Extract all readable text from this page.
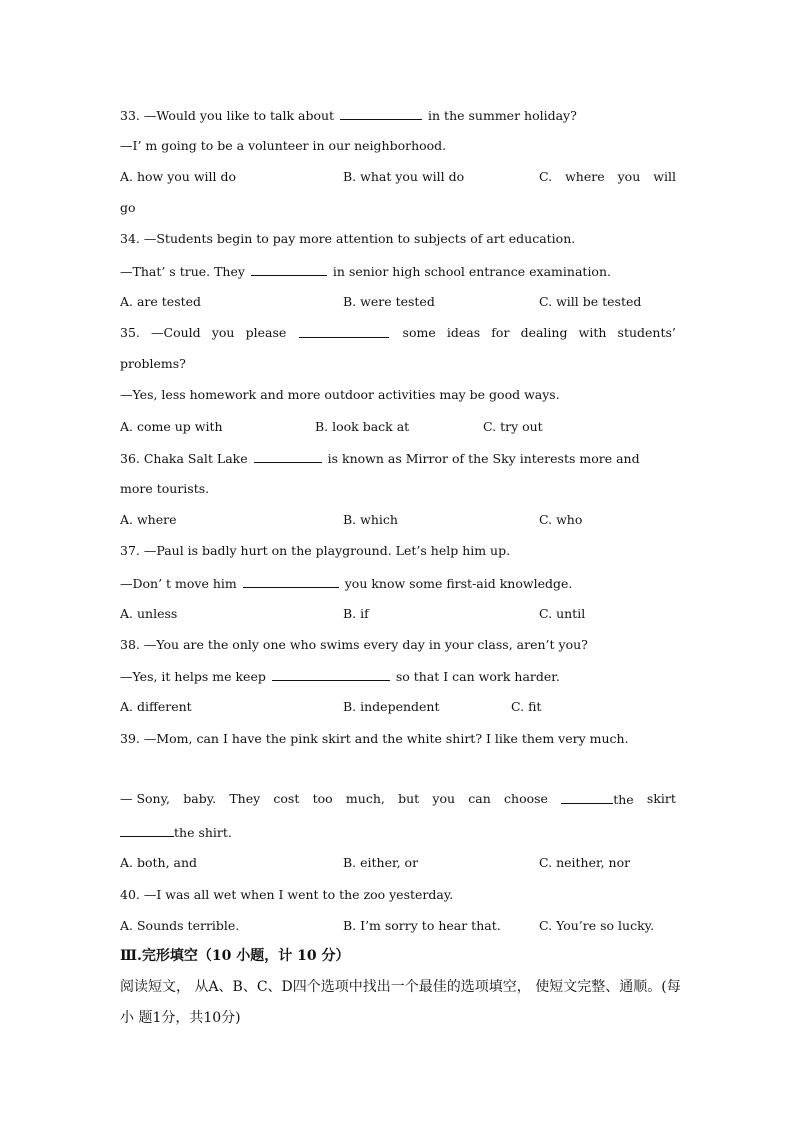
33. —Would you like to talk about	in the summer holiday?
—I’ m going to be a volunteer in our neighborhood.

A. how you will do

	B. what you will do

	C. where you will

go
34. —Students begin to pay more attention to subjects of art education.
—That’ s true. They	in senior high school entrance examination.

A. are tested

	B. were tested

	C. will be tested

35. —Could you please	some ideas for dealing with students’
problems?
—Yes, less homework and more outdoor activities may be good ways.

A. come up with

	B. look back at

	C. try out

36. Chaka Salt Lake	is known as Mirror of the Sky interests more and
more tourists.

A. where

	B. which

	C. who

37. —Paul is badly hurt on the playground. Let’s help him up.
—Don’ t move him	you know some first-aid knowledge.

A. unless

	B. if

	C. until

38. —You are the only one who swims every day in your class, aren’t you?
—Yes, it helps me keep	so that I can work harder.

A. different

	B. independent

	C. fit

39. —Mom, can I have the pink skirt and the white shirt? I like them very much.
— Sony, baby. They cost too much, but you can choose	the skirt
the shirt.

A. both, and

	B. either, or

	C. neither, nor

40. —I was all wet when I went to the zoo yesterday.

A. Sounds terrible.

	B. I’m sorry to hear that.

	C. You’re so lucky.

Ⅲ.完形填空（10 小题，计 10 分）
阅读短文， 从A、B、C、D四个选项中找出一个最佳的选项填空， 使短文完整、通顺。(每
小 题1分，共10分)
